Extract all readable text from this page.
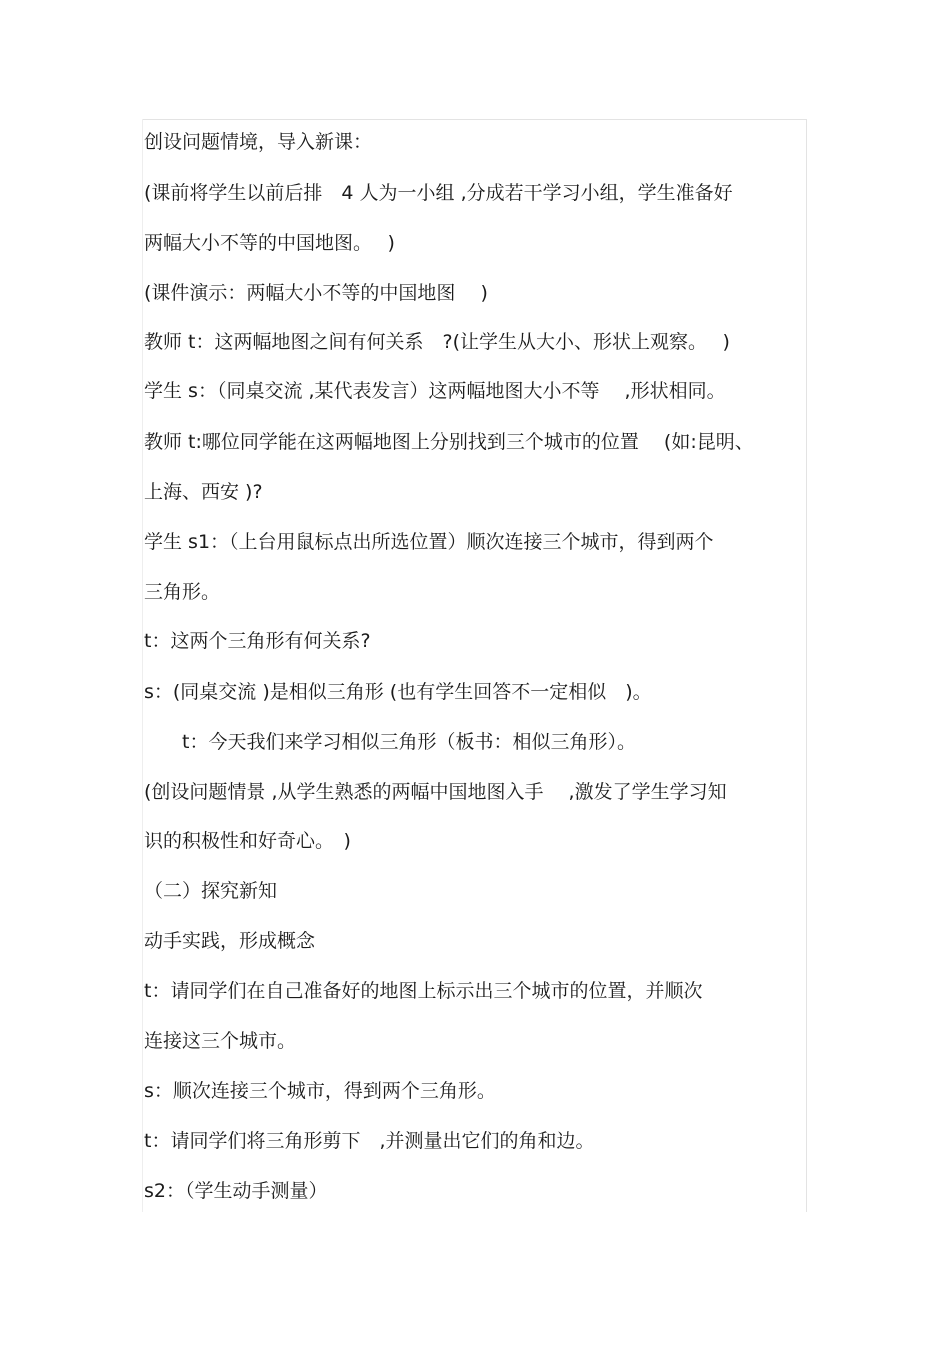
创设问题情境，导入新课：

(课前将学生以前后排　4 人为一小组 ,分成若干学习小组，学生准备好

两幅大小不等的中国地图。　 )

(课件演示：两幅大小不等的中国地图　 )

教师 t：这两幅地图之间有何关系　?(让学生从大小、形状上观察。　 )

学生 s：（同桌交流 ,某代表发言）这两幅地图大小不等　 ,形状相同。

教师 t:哪位同学能在这两幅地图上分别找到三个城市的位置　 (如:昆明、

上海、西安 )?

学生 s1：（上台用鼠标点出所选位置）顺次连接三个城市，得到两个

三角形。

t：这两个三角形有何关系?

s：(同桌交流 )是相似三角形 (也有学生回答不一定相似　)。

t：今天我们来学习相似三角形（板书：相似三角形）。

(创设问题情景 ,从学生熟悉的两幅中国地图入手　 ,激发了学生学习知

识的积极性和好奇心。　)

（二）探究新知

动手实践，形成概念

t：请同学们在自己准备好的地图上标示出三个城市的位置，并顺次

连接这三个城市。

s：顺次连接三个城市，得到两个三角形。

t：请同学们将三角形剪下　,并测量出它们的角和边。

s2：（学生动手测量）
